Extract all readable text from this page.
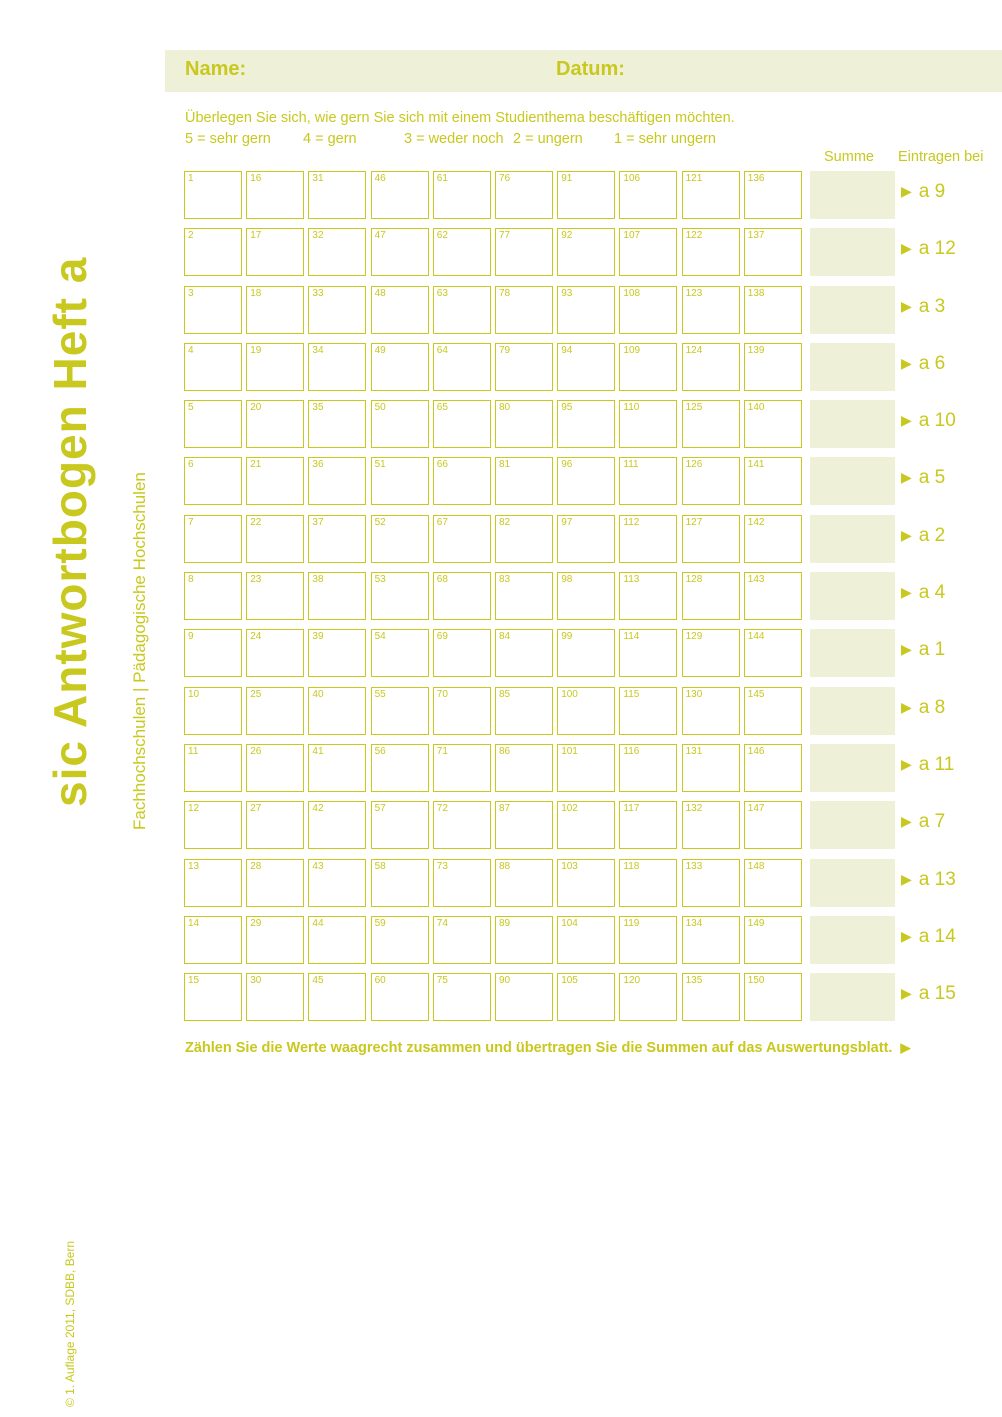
sic Antwortbogen Heft a Fachhochschulen | Pädagogische Hochschulen
© 1. Auflage 2011, SDBB, Bern
Name:	Datum:
Überlegen Sie sich, wie gern Sie sich mit einem Studienthema beschäftigen möchten.
5 = sehr gern 4 = gern	3 = weder noch 2 = ungern 1 = sehr ungern
Summe Eintragen bei
1	16	31	46	61	76	91	106	121	136
▶ a 9
2	17	32	47	62	77	92	107	122	137
▶ a 12
3	18	33	48	63	78	93	108	123	138
▶ a 3
4	19	34	49	64	79	94	109	124	139
▶ a 6
5	20	35	50	65	80	95	110	125	140
▶ a 10
6	21	36	51	66	81	96	111	126	141
▶ a 5
7	22	37	52	67	82	97	112	127	142
▶ a 2
8	23	38	53	68	83	98	113	128	143
▶ a 4
9	24	39	54	69	84	99	114	129	144
▶ a 1
10	25	40	55	70	85	100	115	130	145
▶ a 8
11	26	41	56	71	86	101	116	131	146
▶ a 11
12	27	42	57	72	87	102	117	132	147
▶ a 7
13	28	43	58	73	88	103	118	133	148
▶ a 13
14	29	44	59	74	89	104	119	134	149
▶ a 14
15	30	45	60	75	90	105	120	135	150
▶ a 15
Zählen Sie die Werte waagrecht zusammen und übertragen Sie die Summen auf das Auswertungsblatt. ▶
